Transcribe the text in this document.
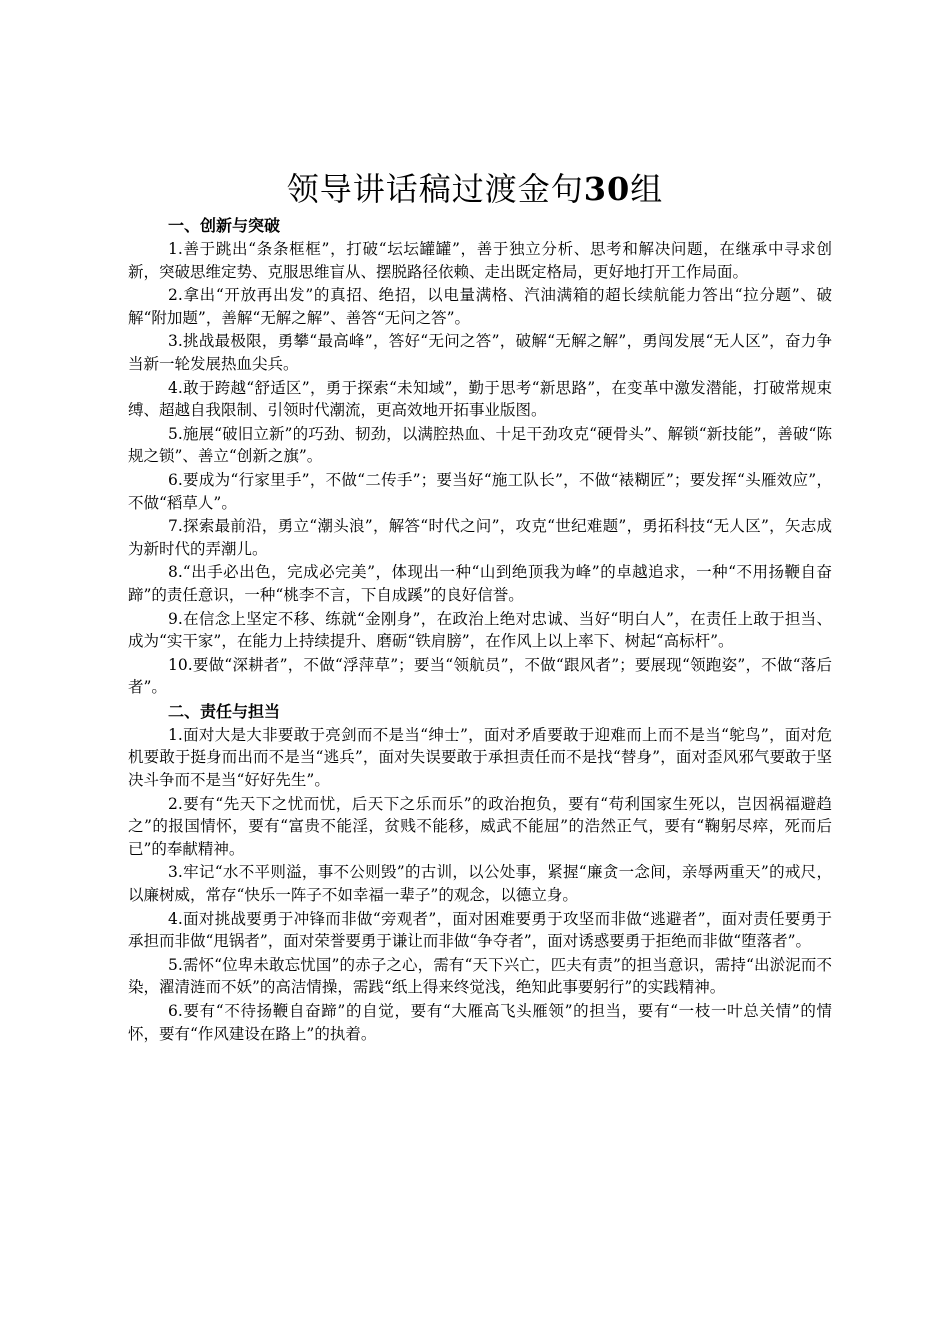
领导讲话稿过渡金句30组
一、创新与突破

1.善于跳出“条条框框”，打破“坛坛罐罐”，善于独立分析、思考和解决问题，在继承中寻求创新，突破思维定势、克服思维盲从、摆脱路径依赖、走出既定格局，更好地打开工作局面。

2.拿出“开放再出发”的真招、绝招，以电量满格、汽油满箱的超长续航能力答出“拉分题”、破解“附加题”，善解“无解之解”、善答“无问之答”。

3.挑战最极限，勇攀“最高峰”，答好“无问之答”，破解“无解之解”，勇闯发展“无人区”，奋力争当新一轮发展热血尖兵。

4.敢于跨越“舒适区”，勇于探索“未知域”，勤于思考“新思路”，在变革中激发潜能，打破常规束缚、超越自我限制、引领时代潮流，更高效地开拓事业版图。

5.施展“破旧立新”的巧劲、韧劲，以满腔热血、十足干劲攻克“硬骨头”、解锁“新技能”，善破“陈规之锁”、善立“创新之旗”。

6.要成为“行家里手”，不做“二传手”；要当好“施工队长”，不做“裱糊匠”；要发挥“头雁效应”，不做“稻草人”。

7.探索最前沿，勇立“潮头浪”，解答“时代之问”，攻克“世纪难题”，勇拓科技“无人区”，矢志成为新时代的弄潮儿。

8.“出手必出色，完成必完美”，体现出一种“山到绝顶我为峰”的卓越追求，一种“不用扬鞭自奋蹄”的责任意识，一种“桃李不言，下自成蹊”的良好信誉。

9.在信念上坚定不移、练就“金刚身”，在政治上绝对忠诚、当好“明白人”，在责任上敢于担当、成为“实干家”，在能力上持续提升、磨砺“铁肩膀”，在作风上以上率下、树起“高标杆”。

10.要做“深耕者”，不做“浮萍草”；要当“领航员”，不做“跟风者”；要展现“领跑姿”，不做“落后者”。

二、责任与担当

1.面对大是大非要敢于亮剑而不是当“绅士”，面对矛盾要敢于迎难而上而不是当“鸵鸟”，面对危机要敢于挺身而出而不是当“逃兵”，面对失误要敢于承担责任而不是找“替身”，面对歪风邪气要敢于坚决斗争而不是当“好好先生”。

2.要有“先天下之忧而忧，后天下之乐而乐”的政治抱负，要有“苟利国家生死以，岂因祸福避趋之”的报国情怀，要有“富贵不能淫，贫贱不能移，威武不能屈”的浩然正气，要有“鞠躬尽瘁，死而后已”的奉献精神。

3.牢记“水不平则溢，事不公则毁”的古训，以公处事，紧握“廉贪一念间，亲辱两重天”的戒尺，以廉树威，常存“快乐一阵子不如幸福一辈子”的观念，以德立身。

4.面对挑战要勇于冲锋而非做“旁观者”，面对困难要勇于攻坚而非做“逃避者”，面对责任要勇于承担而非做“甩锅者”，面对荣誉要勇于谦让而非做“争夺者”，面对诱惑要勇于拒绝而非做“堕落者”。

5.需怀“位卑未敢忘忧国”的赤子之心，需有“天下兴亡，匹夫有责”的担当意识，需持“出淤泥而不染，濯清涟而不妖”的高洁情操，需践“纸上得来终觉浅，绝知此事要躬行”的实践精神。

6.要有“不待扬鞭自奋蹄”的自觉，要有“大雁高飞头雁领”的担当，要有“一枝一叶总关情”的情怀，要有“作风建设在路上”的执着。
